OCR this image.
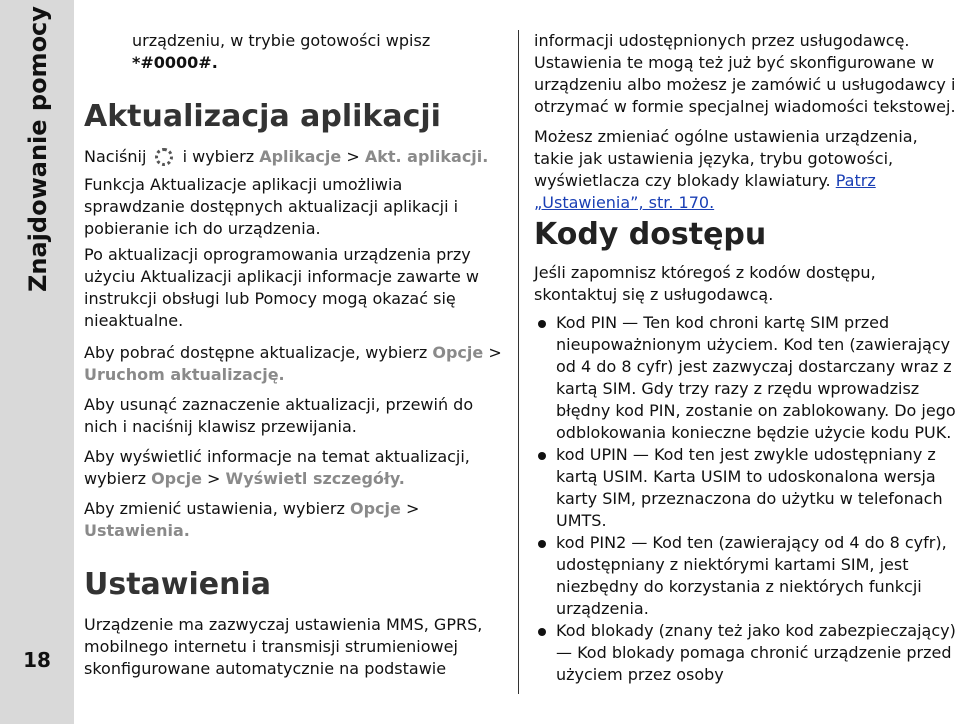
Znajdowanie pomocy
18

urządzeniu, w trybie gotowości wpisz
*#0000#.

Aktualizacja aplikacji

Naciśnij i wybierz Aplikacje > Akt. aplikacji.

Funkcja Aktualizacje aplikacji umożliwia sprawdzanie dostępnych aktualizacji aplikacji i pobieranie ich do urządzenia.

Po aktualizacji oprogramowania urządzenia przy użyciu Aktualizacji aplikacji informacje zawarte w instrukcji obsługi lub Pomocy mogą okazać się nieaktualne.

Aby pobrać dostępne aktualizacje, wybierz Opcje >
Uruchom aktualizację.

Aby usunąć zaznaczenie aktualizacji, przewiń do nich i naciśnij klawisz przewijania.

Aby wyświetlić informacje na temat aktualizacji, wybierz Opcje > Wyświetl szczegóły.

Aby zmienić ustawienia, wybierz Opcje >
Ustawienia.

Ustawienia

Urządzenie ma zazwyczaj ustawienia MMS, GPRS, mobilnego internetu i transmisji strumieniowej skonfigurowane automatycznie na podstawie

informacji udostępnionych przez usługodawcę. Ustawienia te mogą też już być skonfigurowane w urządzeniu albo możesz je zamówić u usługodawcy i otrzymać w formie specjalnej wiadomości tekstowej.

Możesz zmieniać ogólne ustawienia urządzenia, takie jak ustawienia języka, trybu gotowości, wyświetlacza czy blokady klawiatury. Patrz „Ustawienia”, str. 170.

Kody dostępu

Jeśli zapomnisz któregoś z kodów dostępu, skontaktuj się z usługodawcą.

Kod PIN — Ten kod chroni kartę SIM przed nieupoważnionym użyciem. Kod ten (zawierający od 4 do 8 cyfr) jest zazwyczaj dostarczany wraz z kartą SIM. Gdy trzy razy z rzędu wprowadzisz błędny kod PIN, zostanie on zablokowany. Do jego odblokowania konieczne będzie użycie kodu PUK.
kod UPIN — Kod ten jest zwykle udostępniany z kartą USIM. Karta USIM to udoskonalona wersja karty SIM, przeznaczona do użytku w telefonach UMTS.
kod PIN2 — Kod ten (zawierający od 4 do 8 cyfr), udostępniany z niektórymi kartami SIM, jest niezbędny do korzystania z niektórych funkcji urządzenia.
Kod blokady (znany też jako kod zabezpieczający) — Kod blokady pomaga chronić urządzenie przed użyciem przez osoby
